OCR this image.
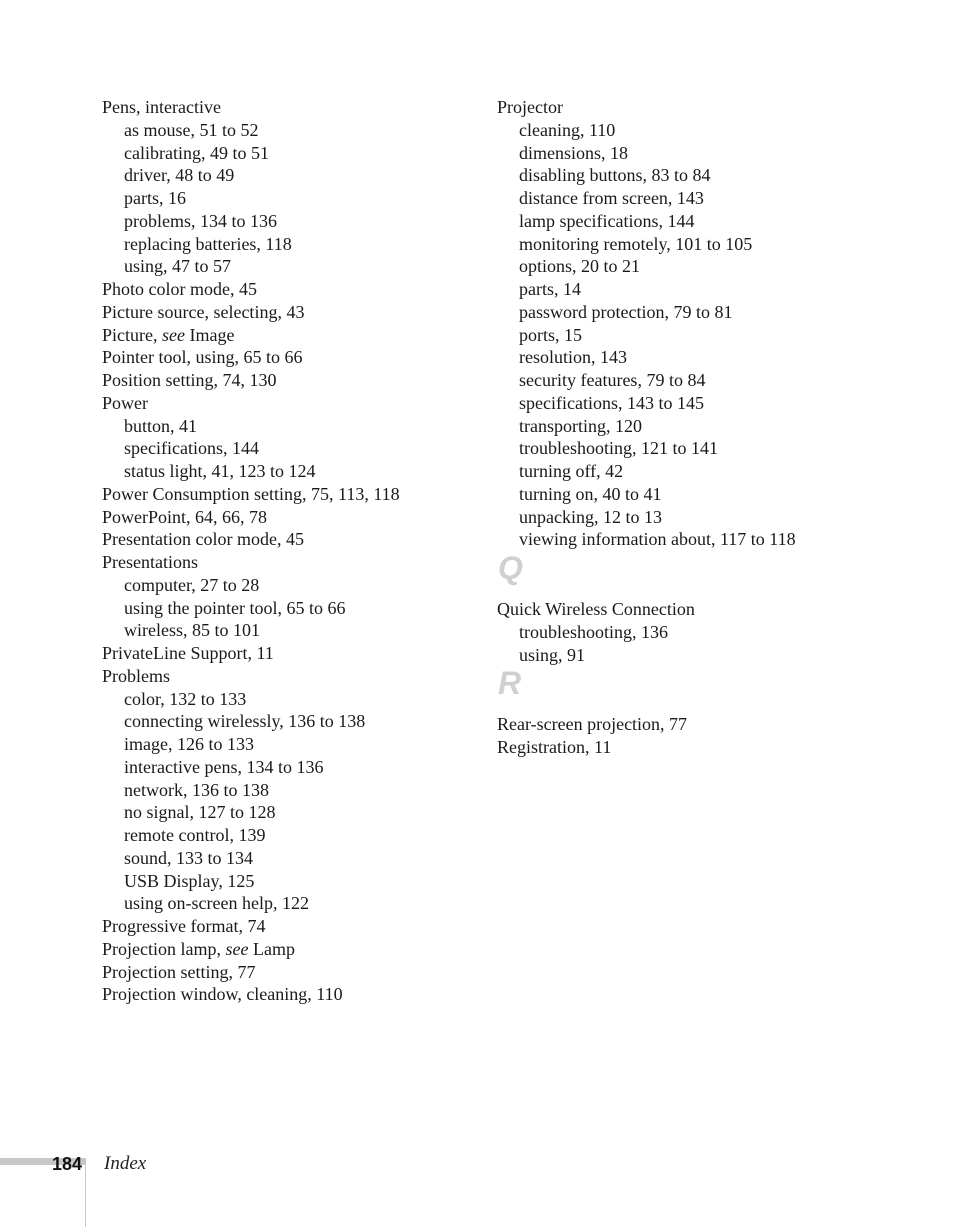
Pens, interactive
as mouse, 51 to 52
calibrating, 49 to 51
driver, 48 to 49
parts, 16
problems, 134 to 136
replacing batteries, 118
using, 47 to 57
Photo color mode, 45
Picture source, selecting, 43
Picture, see Image
Pointer tool, using, 65 to 66
Position setting, 74, 130
Power
button, 41
specifications, 144
status light, 41, 123 to 124
Power Consumption setting, 75, 113, 118
PowerPoint, 64, 66, 78
Presentation color mode, 45
Presentations
computer, 27 to 28
using the pointer tool, 65 to 66
wireless, 85 to 101
PrivateLine Support, 11
Problems
color, 132 to 133
connecting wirelessly, 136 to 138
image, 126 to 133
interactive pens, 134 to 136
network, 136 to 138
no signal, 127 to 128
remote control, 139
sound, 133 to 134
USB Display, 125
using on-screen help, 122
Progressive format, 74
Projection lamp, see Lamp
Projection setting, 77
Projection window, cleaning, 110
Projector
cleaning, 110
dimensions, 18
disabling buttons, 83 to 84
distance from screen, 143
lamp specifications, 144
monitoring remotely, 101 to 105
options, 20 to 21
parts, 14
password protection, 79 to 81
ports, 15
resolution, 143
security features, 79 to 84
specifications, 143 to 145
transporting, 120
troubleshooting, 121 to 141
turning off, 42
turning on, 40 to 41
unpacking, 12 to 13
viewing information about, 117 to 118
Q
Quick Wireless Connection
troubleshooting, 136
using, 91
R
Rear-screen projection, 77
Registration, 11
184 Index
